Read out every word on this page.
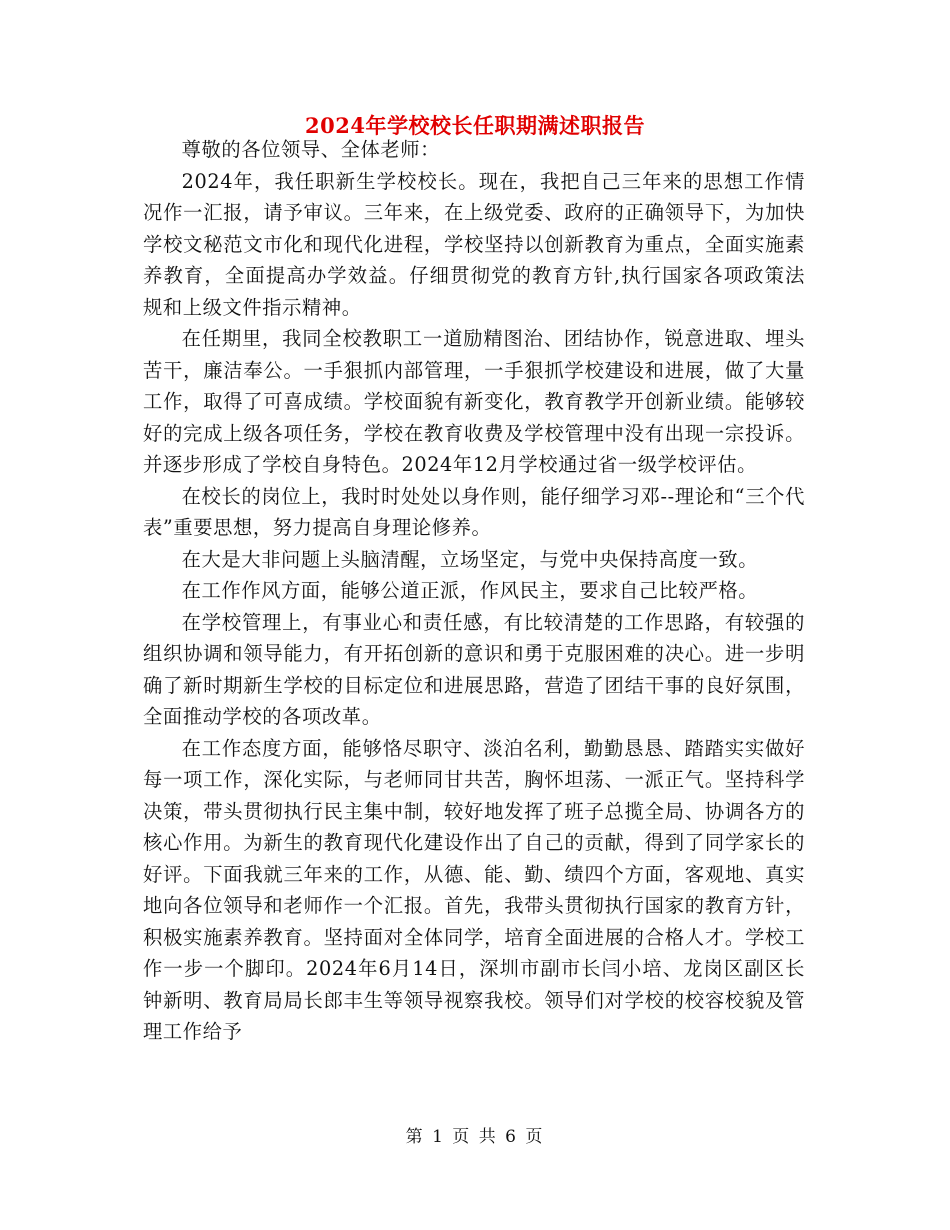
2024年学校校长任职期满述职报告

尊敬的各位领导、全体老师：

2024年，我任职新生学校校长。现在，我把自己三年来的思想工作情况作一汇报，请予审议。三年来，在上级党委、政府的正确领导下，为加快学校文秘范文市化和现代化进程，学校坚持以创新教育为重点，全面实施素养教育，全面提高办学效益。仔细贯彻党的教育方针,执行国家各项政策法规和上级文件指示精神。

在任期里，我同全校教职工一道励精图治、团结协作，锐意进取、埋头苦干，廉洁奉公。一手狠抓内部管理，一手狠抓学校建设和进展，做了大量工作，取得了可喜成绩。学校面貌有新变化，教育教学开创新业绩。能够较好的完成上级各项任务，学校在教育收费及学校管理中没有出现一宗投诉。并逐步形成了学校自身特色。2024年12月学校通过省一级学校评估。

在校长的岗位上，我时时处处以身作则，能仔细学习邓--理论和“三个代表”重要思想，努力提高自身理论修养。

在大是大非问题上头脑清醒，立场坚定，与党中央保持高度一致。

在工作作风方面，能够公道正派，作风民主，要求自己比较严格。

在学校管理上，有事业心和责任感，有比较清楚的工作思路，有较强的组织协调和领导能力，有开拓创新的意识和勇于克服困难的决心。进一步明确了新时期新生学校的目标定位和进展思路，营造了团结干事的良好氛围，全面推动学校的各项改革。

在工作态度方面，能够恪尽职守、淡泊名利，勤勤恳恳、踏踏实实做好每一项工作，深化实际，与老师同甘共苦，胸怀坦荡、一派正气。坚持科学决策，带头贯彻执行民主集中制，较好地发挥了班子总揽全局、协调各方的核心作用。为新生的教育现代化建设作出了自己的贡献，得到了同学家长的好评。下面我就三年来的工作，从德、能、勤、绩四个方面，客观地、真实地向各位领导和老师作一个汇报。首先，我带头贯彻执行国家的教育方针，积极实施素养教育。坚持面对全体同学，培育全面进展的合格人才。学校工作一步一个脚印。2024年6月14日，深圳市副市长闫小培、龙岗区副区长钟新明、教育局局长郎丰生等领导视察我校。领导们对学校的校容校貌及管理工作给予

第 1 页 共 6 页
